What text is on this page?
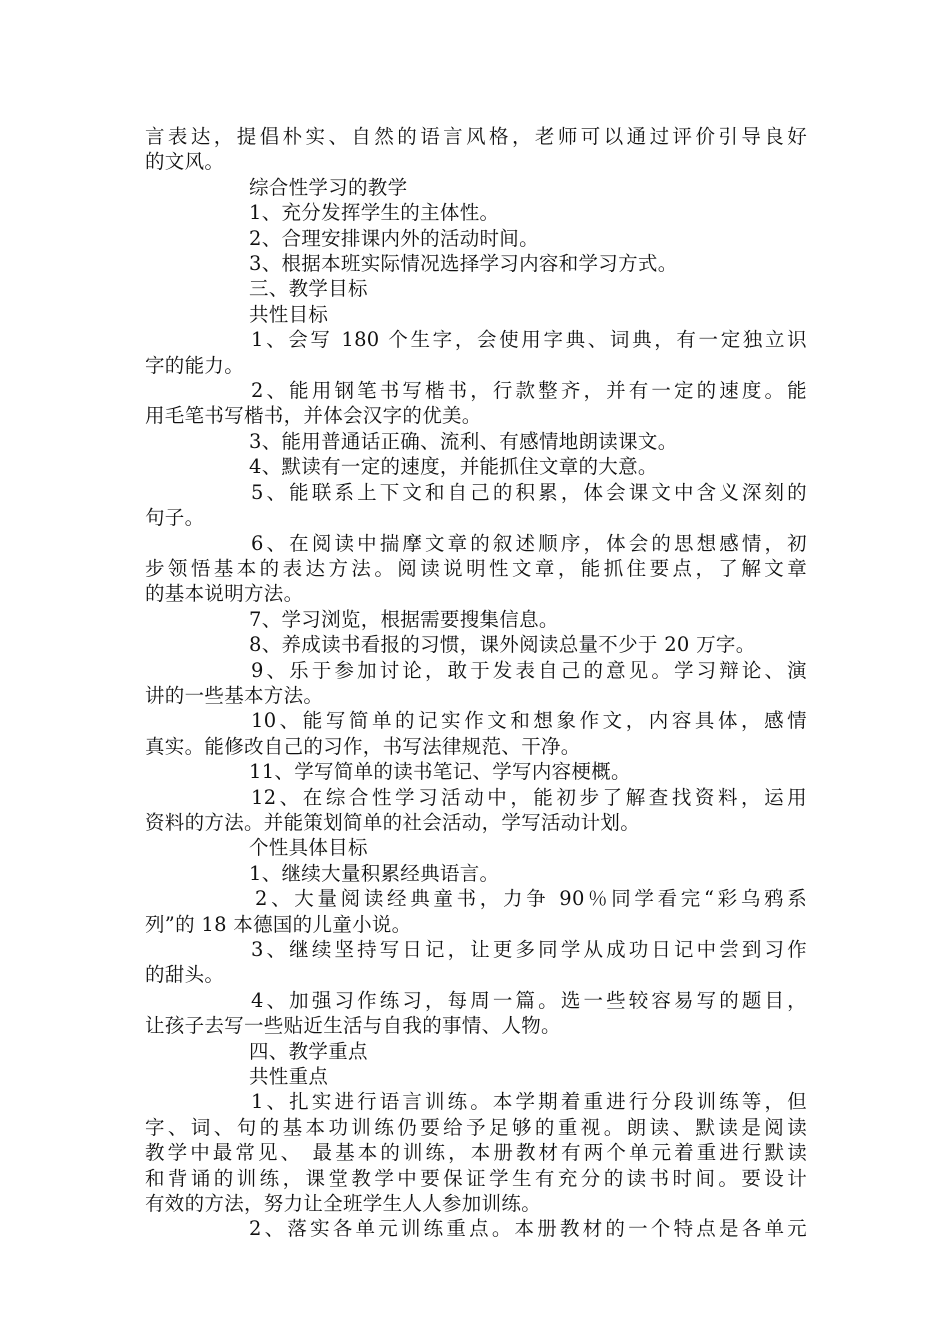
言表达，提倡朴实、自然的语言风格，老师可以通过评价引导良好
的文风。
综合性学习的教学
1、充分发挥学生的主体性。
2、合理安排课内外的活动时间。
3、根据本班实际情况选择学习内容和学习方式。
三、教学目标
共性目标
1、会写 180 个生字，会使用字典、词典，有一定独立识
字的能力。
2、能用钢笔书写楷书，行款整齐，并有一定的速度。能
用毛笔书写楷书，并体会汉字的优美。
3、能用普通话正确、流利、有感情地朗读课文。
4、默读有一定的速度，并能抓住文章的大意。
5、能联系上下文和自己的积累，体会课文中含义深刻的
句子。
6、在阅读中揣摩文章的叙述顺序，体会的思想感情，初
步领悟基本的表达方法。阅读说明性文章，能抓住要点，了解文章
的基本说明方法。
7、学习浏览，根据需要搜集信息。
8、养成读书看报的习惯，课外阅读总量不少于 20 万字。
9、乐于参加讨论，敢于发表自己的意见。学习辩论、演
讲的一些基本方法。
10、能写简单的记实作文和想象作文，内容具体，感情
真实。能修改自己的习作，书写法律规范、干净。
11、学写简单的读书笔记、学写内容梗概。
12、在综合性学习活动中，能初步了解查找资料，运用
资料的方法。并能策划简单的社会活动，学写活动计划。
个性具体目标
1、继续大量积累经典语言。
2、大量阅读经典童书，力争 90％同学看完“彩乌鸦系
列”的 18 本德国的儿童小说。
3、继续坚持写日记，让更多同学从成功日记中尝到习作
的甜头。
4、加强习作练习，每周一篇。选一些较容易写的题目，
让孩子去写一些贴近生活与自我的事情、人物。
四、教学重点
共性重点
1、扎实进行语言训练。本学期着重进行分段训练等，但
字、词、句的基本功训练仍要给予足够的重视。朗读、默读是阅读
教学中最常见、 最基本的训练，本册教材有两个单元着重进行默读
和背诵的训练，课堂教学中要保证学生有充分的读书时间。要设计
有效的方法，努力让全班学生人人参加训练。
2、落实各单元训练重点。本册教材的一个特点是各单元
